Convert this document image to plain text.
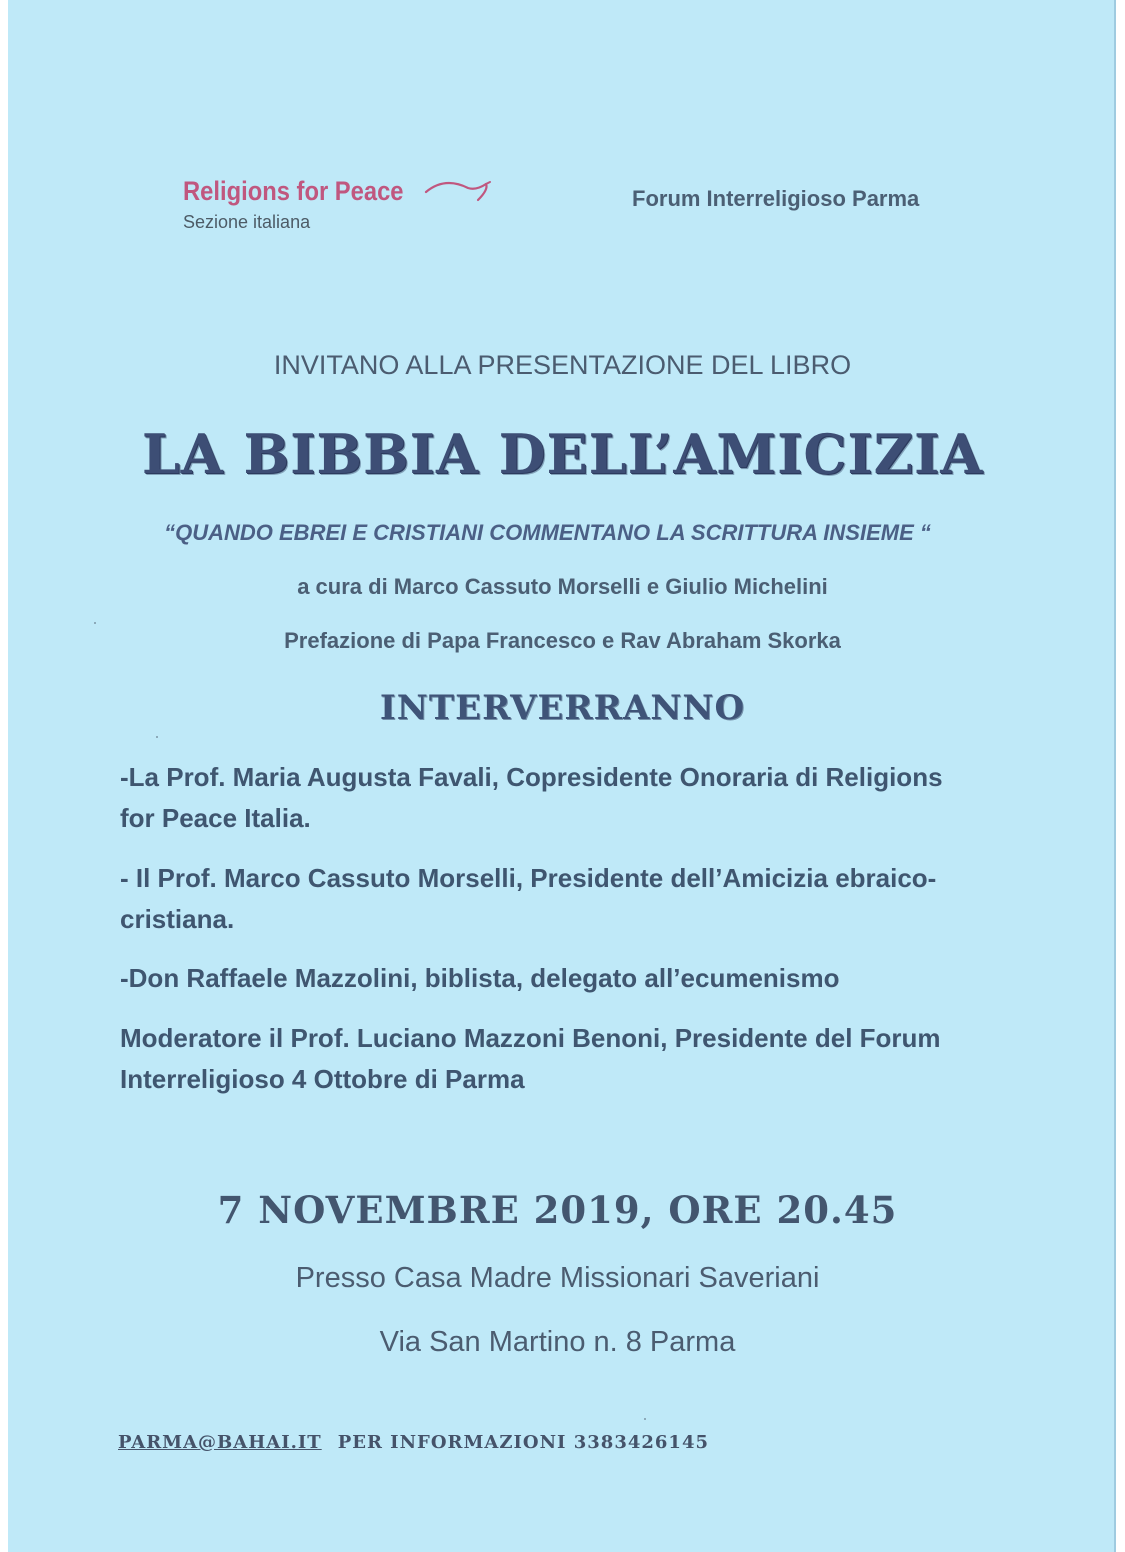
Religions for Peace
Sezione italiana
Forum Interreligioso Parma
INVITANO ALLA PRESENTAZIONE DEL LIBRO
LA BIBBIA DELL’AMICIZIA
“QUANDO EBREI E CRISTIANI COMMENTANO LA SCRITTURA INSIEME “
a cura di Marco Cassuto Morselli e Giulio Michelini
Prefazione di Papa Francesco e Rav Abraham Skorka
INTERVERRANNO
-La Prof. Maria Augusta Favali, Copresidente Onoraria di Religions for Peace Italia.
- Il Prof. Marco Cassuto Morselli, Presidente dell’Amicizia ebraico-cristiana.
-Don Raffaele Mazzolini, biblista, delegato all’ecumenismo
Moderatore il Prof. Luciano Mazzoni Benoni, Presidente del Forum Interreligioso 4 Ottobre di Parma
7 NOVEMBRE 2019, ORE 20.45
Presso Casa Madre Missionari Saveriani
Via San Martino n. 8 Parma
PARMA@BAHAI.IT PER INFORMAZIONI 3383426145
